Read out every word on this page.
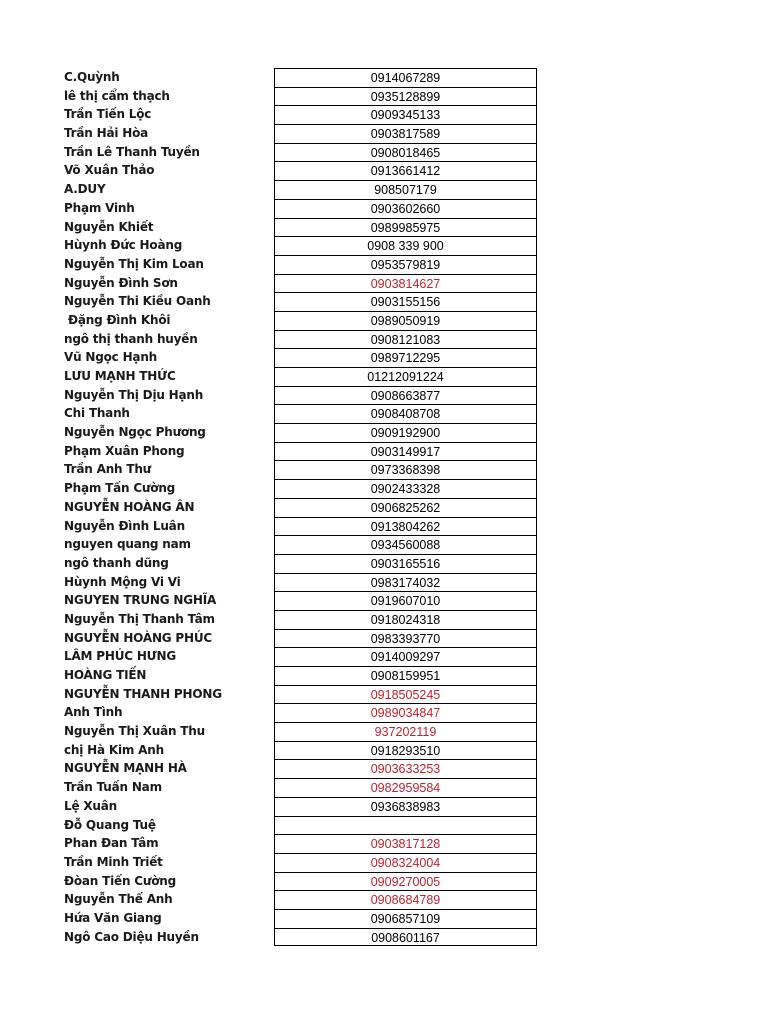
C.Quỳnh	0914067289
lê thị cẩm thạch	0935128899
Trần Tiến Lộc	0909345133
Trần Hải Hòa	0903817589
Trần Lê Thanh Tuyền	0908018465
Võ Xuân Thảo	0913661412
A.DUY	908507179
Phạm Vinh	0903602660
Nguyễn Khiết	0989985975
Hùynh Đức Hoàng	0908 339 900
Nguyễn Thị Kim Loan	0953579819
Nguyễn Đình Sơn	0903814627
Nguyễn Thi Kiều Oanh	0903155156
Đặng Đình Khôi	0989050919
ngô thị thanh huyền	0908121083
Vũ Ngọc Hạnh	0989712295
LƯU MẠNH THỨC	01212091224
Nguyễn Thị Dịu Hạnh	0908663877
Chi Thanh	0908408708
Nguyễn Ngọc Phương	0909192900
Phạm Xuân Phong	0903149917
Trần Anh Thư	0973368398
Phạm Tấn Cường	0902433328
NGUYỄN HOÀNG ÂN	0906825262
Nguyễn Đình Luân	0913804262
nguyen quang nam	0934560088
ngô thanh dũng	0903165516
Hùynh Mộng Vi Vi	0983174032
NGUYEN TRUNG NGHĨA	0919607010
Nguyễn Thị Thanh Tâm	0918024318
NGUYỄN HOÀNG PHÚC	0983393770
LÂM PHÚC HƯNG	0914009297
HOÀNG TIẾN	0908159951
NGUYỄN THANH PHONG	0918505245
Anh Tình	0989034847
Nguyễn Thị Xuân Thu	937202119
chị Hà Kim Anh	0918293510
NGUYỄN MẠNH HÀ	0903633253
Trần Tuấn Nam	0982959584
Lệ Xuân	0936838983
Đỗ Quang Tuệ
Phan Đan Tâm	0903817128
Trần Minh Triết	0908324004
Đòan Tiến Cường	0909270005
Nguyễn Thế Anh	0908684789
Hứa Văn Giang	0906857109
Ngô Cao Diệu Huyền	0908601167
